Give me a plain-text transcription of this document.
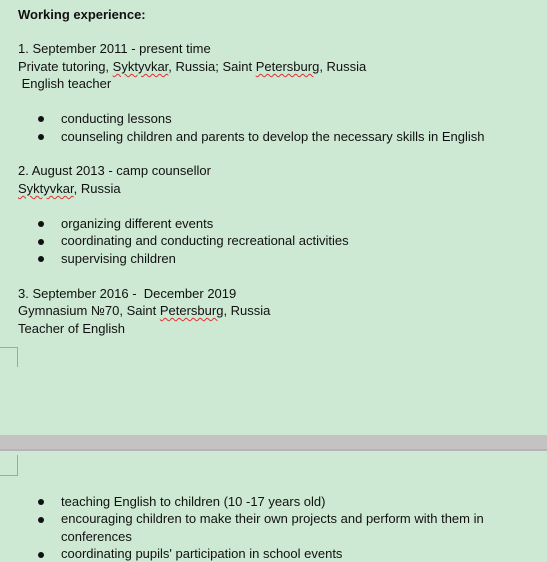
Working experience:
1. September 2011 - present time
Private tutoring, Syktyvkar, Russia; Saint Petersburg, Russia
English teacher
conducting lessons
counseling children and parents to develop the necessary skills in English
2. August 2013 - camp counsellor
Syktyvkar, Russia
organizing different events
coordinating and conducting recreational activities
supervising children
3. September 2016 -  December 2019
Gymnasium №70, Saint Petersburg, Russia
Teacher of English
teaching English to children (10 -17 years old)
encouraging children to make their own projects and perform with them in
conferences
coordinating pupils' participation in school events
